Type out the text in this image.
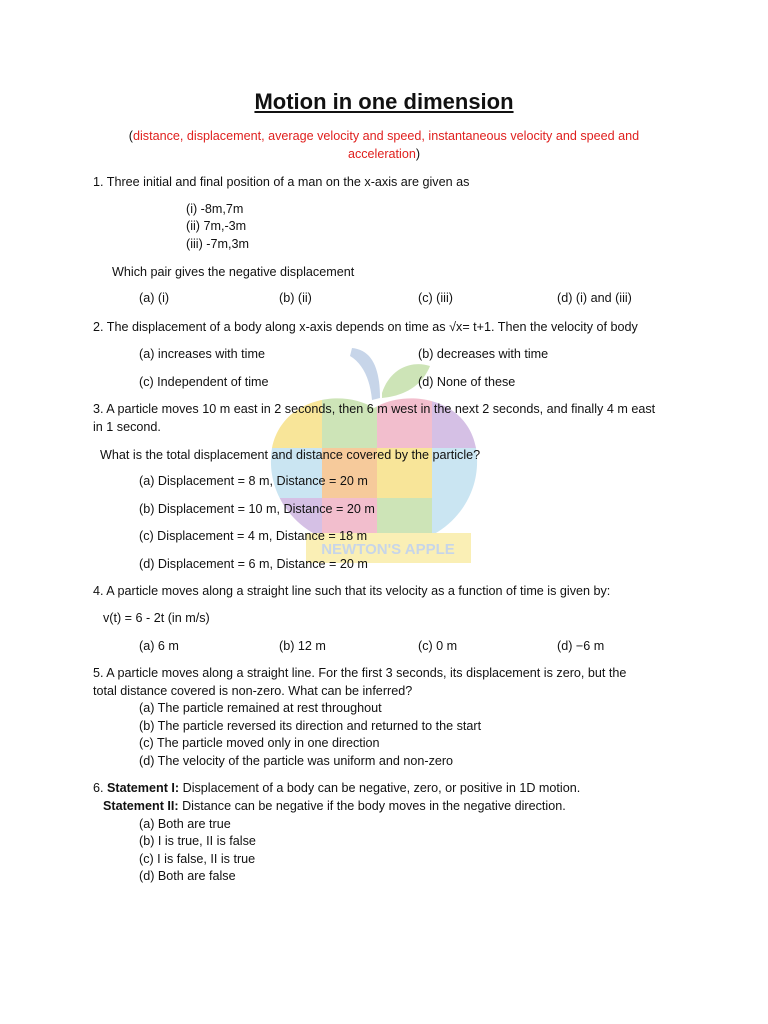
NEWTON'S APPLE
Motion in one dimension
(distance, displacement, average velocity and speed, instantaneous velocity and speed and acceleration)
1. Three initial and final position of a man on the x-axis are given as
(i) -8m,7m
(ii) 7m,-3m
(iii) -7m,3m
Which pair gives the negative displacement
(a) (i)	(b) (ii)	(c) (iii)	(d) (i) and (iii)
2. The displacement of a body along x-axis depends on time as √x= t+1. Then the velocity of body
(a) increases with time	(b) decreases with time
(c) Independent of time	(d) None of these
3. A particle moves 10 m east in 2 seconds, then 6 m west in the next 2 seconds, and finally 4 m east
in 1 second.
What is the total displacement and distance covered by the particle?
(a) Displacement = 8 m, Distance = 20 m
(b) Displacement = 10 m, Distance = 20 m
(c) Displacement = 4 m, Distance = 18 m
(d) Displacement = 6 m, Distance = 20 m
4. A particle moves along a straight line such that its velocity as a function of time is given by:
v(t) = 6 - 2t (in m/s)
(a) 6 m	(b) 12 m	(c) 0 m	(d) −6 m
5. A particle moves along a straight line. For the first 3 seconds, its displacement is zero, but the
total distance covered is non-zero. What can be inferred?
(a) The particle remained at rest throughout
(b) The particle reversed its direction and returned to the start
(c) The particle moved only in one direction
(d) The velocity of the particle was uniform and non-zero
6. Statement I: Displacement of a body can be negative, zero, or positive in 1D motion.
Statement II: Distance can be negative if the body moves in the negative direction.
(a) Both are true
(b) I is true, II is false
(c) I is false, II is true
(d) Both are false
